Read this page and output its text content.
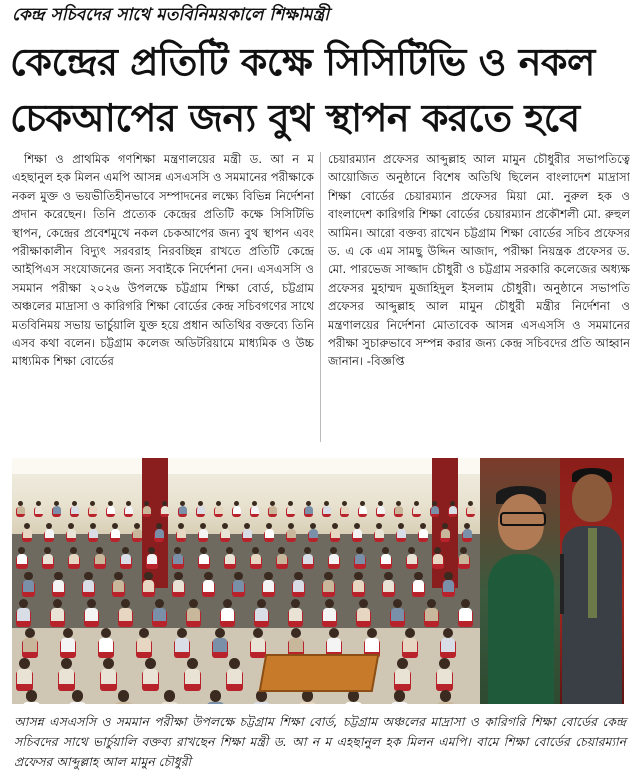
কেন্দ্র সচিবদের সাথে মতবিনিময়কালে শিক্ষামন্ত্রী
কেন্দ্রের প্রতিটি কক্ষে সিসিটিভি ও নকল
চেকআপের জন্য বুথ স্থাপন করতে হবে

শিক্ষা ও প্রাথমিক গণশিক্ষা মন্ত্রণালয়ের মন্ত্রী ড. আ ন ম এহছানুল হক মিলন এমপি আসন্ন এসএসসি ও সমমানের পরীক্ষাকে নকল মুক্ত ও ভয়ভীতিহীনভাবে সম্পাদনের লক্ষ্যে বিভিন্ন নির্দেশনা প্রদান করেছেন। তিনি প্রত্যেক কেন্দ্রের প্রতিটি কক্ষে সিসিটিভি স্থাপন, কেন্দ্রের প্রবেশমুখে নকল চেকআপের জন্য বুথ স্থাপন এবং পরীক্ষাকালীন বিদ্যুৎ সরবরাহ নিরবচ্ছিন্ন রাখতে প্রতিটি কেন্দ্রে আইপিএস সংযোজনের জন্য সবাইকে নির্দেশনা দেন। এসএসসি ও সমমান পরীক্ষা ২০২৬ উপলক্ষে চট্টগ্রাম শিক্ষা বোর্ড, চট্টগ্রাম অঞ্চলের মাদ্রাসা ও কারিগরি শিক্ষা বোর্ডের কেন্দ্র সচিবগণের সাথে মতবিনিময় সভায় ভার্চুয়ালি যুক্ত হয়ে প্রধান অতিথির বক্তব্যে তিনি এসব কথা বলেন। চট্টগ্রাম কলেজ অডিটরিয়ামে মাধ্যমিক ও উচ্চ মাধ্যমিক শিক্ষা বোর্ডের

চেয়ারম্যান প্রফেসর আব্দুল্লাহ আল মামুন চৌধুরীর সভাপতিত্বে আয়োজিত অনুষ্ঠানে বিশেষ অতিথি ছিলেন বাংলাদেশ মাদ্রাসা শিক্ষা বোর্ডের চেয়ারম্যান প্রফেসর মিয়া মো. নুরুল হক ও বাংলাদেশ কারিগরি শিক্ষা বোর্ডের চেয়ারম্যান প্রকৌশলী মো. রুহুল আমিন। আরো বক্তব্য রাখেন চট্টগ্রাম শিক্ষা বোর্ডের সচিব প্রফেসর ড. এ কে এম সামছু উদ্দিন আজাদ, পরীক্ষা নিয়ন্ত্রক প্রফেসর ড. মো. পারভেজ সাজ্জাদ চৌধুরী ও চট্টগ্রাম সরকারি কলেজের অধ্যক্ষ প্রফেসর মুহাম্মদ মুজাহিদুল ইসলাম চৌধুরী। অনুষ্ঠানে সভাপতি প্রফেসর আব্দুল্লাহ আল মামুন চৌধুরী মন্ত্রীর নির্দেশনা ও মন্ত্রণালয়ের নির্দেশনা মোতাবেক আসন্ন এসএসসি ও সমমানের পরীক্ষা সুচারুভাবে সম্পন্ন করার জন্য কেন্দ্র সচিবদের প্রতি আহ্বান জানান। -বিজ্ঞপ্তি

আসন্ন এসএসসি ও সমমান পরীক্ষা উপলক্ষে চট্টগ্রাম শিক্ষা বোর্ড, চট্টগ্রাম অঞ্চলের মাদ্রাসা ও কারিগরি শিক্ষা বোর্ডের কেন্দ্র সচিবদের সাথে ভার্চুয়ালি বক্তব্য রাখছেন শিক্ষা মন্ত্রী ড. আ ন ম এহছানুল হক মিলন এমপি। বামে শিক্ষা বোর্ডের চেয়ারম্যান প্রফেসর আব্দুল্লাহ আল মামুন চৌধুরী
